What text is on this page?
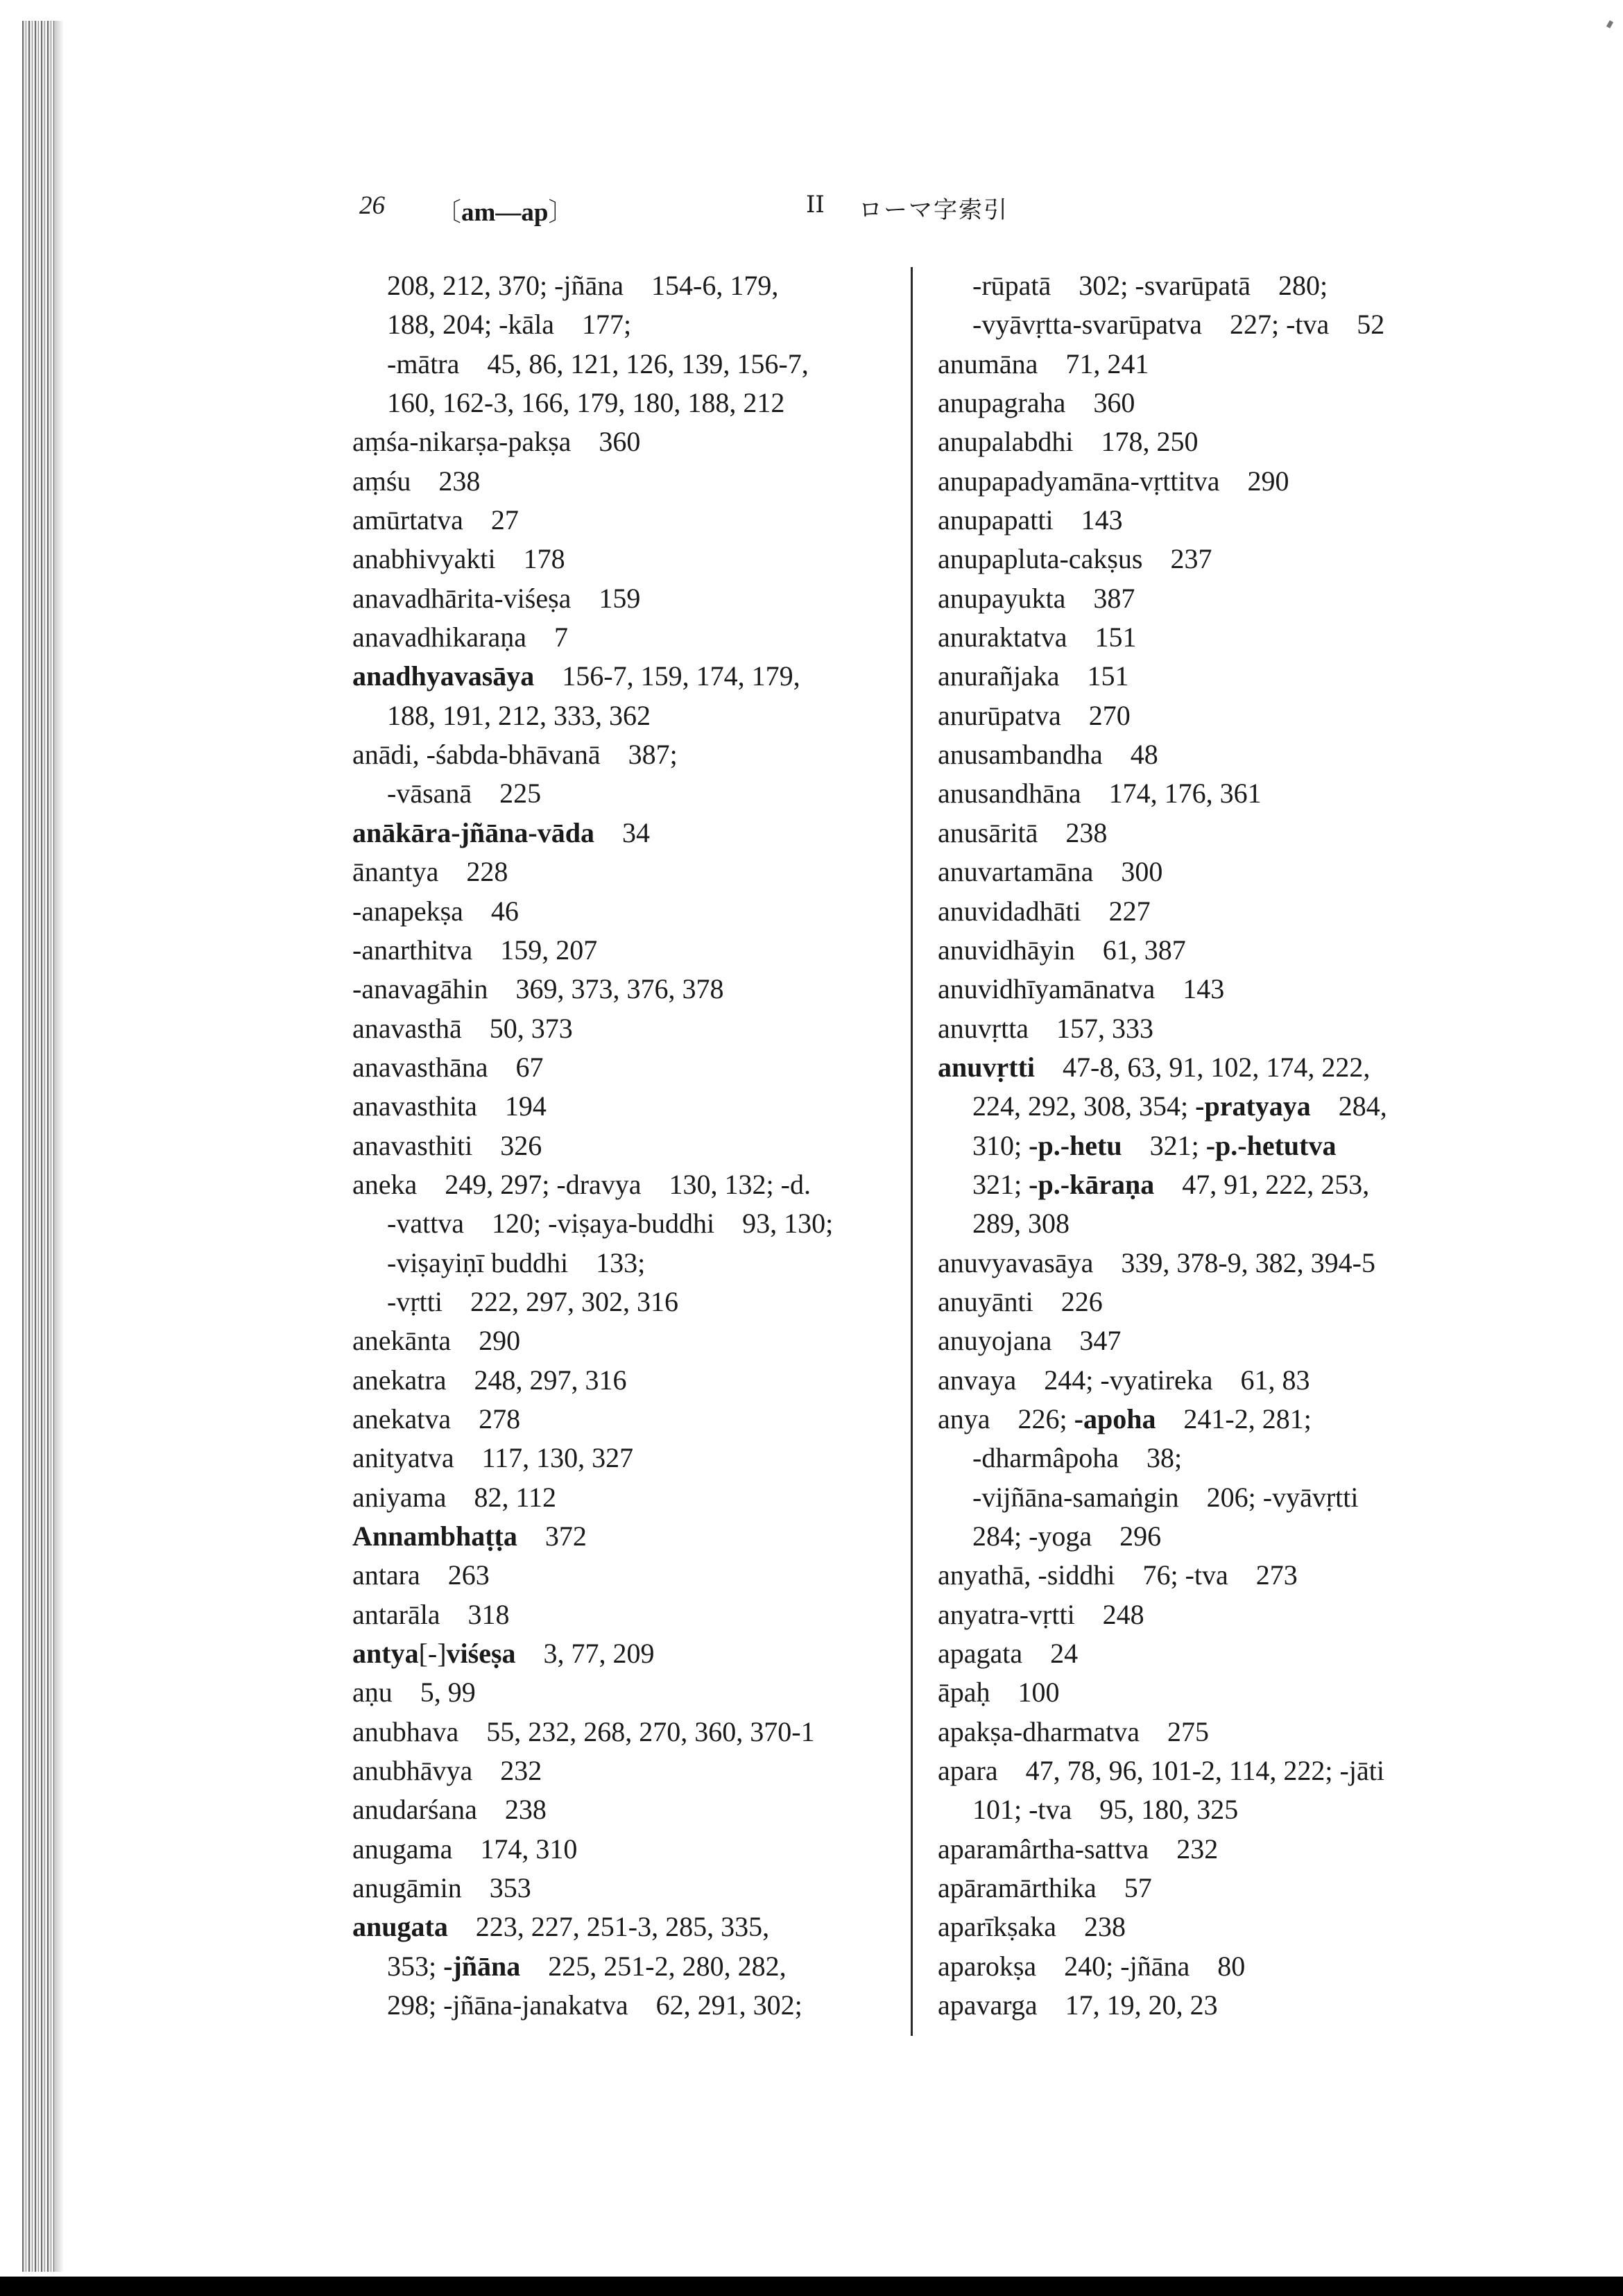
26 〔am—ap〕	II ローマ字索引
208, 212, 370; -jñāna　154-6, 179,
188, 204; -kāla　177;
-mātra　45, 86, 121, 126, 139, 156-7,
160, 162-3, 166, 179, 180, 188, 212
aṃśa-nikarṣa-pakṣa　360
aṃśu　238
amūrtatva　27
anabhivyakti　178
anavadhārita-viśeṣa　159
anavadhikaraṇa　7
anadhyavasāya　156-7, 159, 174, 179,
188, 191, 212, 333, 362
anādi, -śabda-bhāvanā　387;
-vāsanā　225
anākāra-jñāna-vāda　34
ānantya　228
-anapekṣa　46
-anarthitva　159, 207
-anavagāhin　369, 373, 376, 378
anavasthā　50, 373
anavasthāna　67
anavasthita　194
anavasthiti　326
aneka　249, 297; -dravya　130, 132; -d.
-vattva　120; -viṣaya-buddhi　93, 130;
-viṣayiṇī buddhi　133;
-vṛtti　222, 297, 302, 316
anekānta　290
anekatra　248, 297, 316
anekatva　278
anityatva　117, 130, 327
aniyama　82, 112
Annambhaṭṭa　372
antara　263
antarāla　318
antya[-]viśeṣa　3, 77, 209
aṇu　5, 99
anubhava　55, 232, 268, 270, 360, 370-1
anubhāvya　232
anudarśana　238
anugama　174, 310
anugāmin　353
anugata　223, 227, 251-3, 285, 335,
353; -jñāna　225, 251-2, 280, 282,
298; -jñāna-janakatva　62, 291, 302;
-rūpatā　302; -svarūpatā　280;
-vyāvṛtta-svarūpatva　227; -tva　52
anumāna　71, 241
anupagraha　360
anupalabdhi　178, 250
anupapadyamāna-vṛttitva　290
anupapatti　143
anupapluta-cakṣus　237
anupayukta　387
anuraktatva　151
anurañjaka　151
anurūpatva　270
anusambandha　48
anusandhāna　174, 176, 361
anusāritā　238
anuvartamāna　300
anuvidadhāti　227
anuvidhāyin　61, 387
anuvidhīyamānatva　143
anuvṛtta　157, 333
anuvṛtti　47-8, 63, 91, 102, 174, 222,
224, 292, 308, 354; -pratyaya　284,
310; -p.-hetu　321; -p.-hetutva
321; -p.-kāraṇa　47, 91, 222, 253,
289, 308
anuvyavasāya　339, 378-9, 382, 394-5
anuyānti　226
anuyojana　347
anvaya　244; -vyatireka　61, 83
anya　226; -apoha　241-2, 281;
-dharmâpoha　38;
-vijñāna-samaṅgin　206; -vyāvṛtti
284; -yoga　296
anyathā, -siddhi　76; -tva　273
anyatra-vṛtti　248
apagata　24
āpaḥ　100
apakṣa-dharmatva　275
apara　47, 78, 96, 101-2, 114, 222; -jāti
101; -tva　95, 180, 325
aparamârtha-sattva　232
apāramārthika　57
aparīkṣaka　238
aparokṣa　240; -jñāna　80
apavarga　17, 19, 20, 23
